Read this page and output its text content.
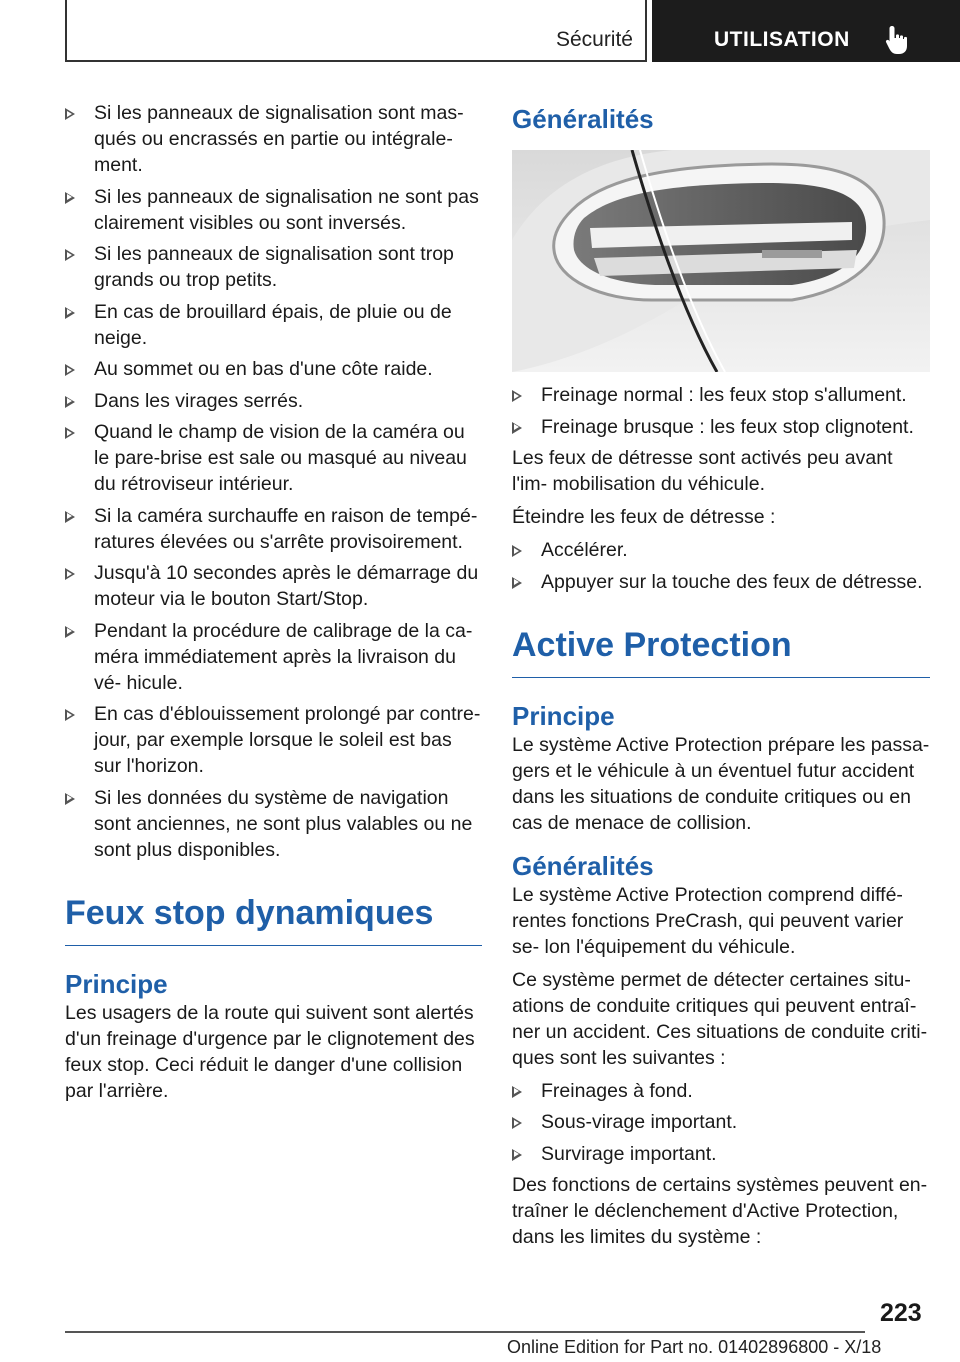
Sécurité	UTILISATION
Si les panneaux de signalisation sont mas‐ qués ou encrassés en partie ou intégrale‐ ment.
Si les panneaux de signalisation ne sont pas clairement visibles ou sont inversés.
Si les panneaux de signalisation sont trop grands ou trop petits.
En cas de brouillard épais, de pluie ou de neige.
Au sommet ou en bas d'une côte raide.
Dans les virages serrés.
Quand le champ de vision de la caméra ou le pare-brise est sale ou masqué au niveau du rétroviseur intérieur.
Si la caméra surchauffe en raison de tempé‐ ratures élevées ou s'arrête provisoirement.
Jusqu'à 10 secondes après le démarrage du moteur via le bouton Start/Stop.
Pendant la procédure de calibrage de la ca‐ méra immédiatement après la livraison du vé‐ hicule.
En cas d'éblouissement prolongé par contre- jour, par exemple lorsque le soleil est bas sur l'horizon.
Si les données du système de navigation sont anciennes, ne sont plus valables ou ne sont plus disponibles.
Feux stop dynamiques
Principe

Les usagers de la route qui suivent sont alertés d'un freinage d'urgence par le clignotement des feux stop. Ceci réduit le danger d'une collision par l'arrière.

Généralités
Freinage normal : les feux stop s'allument.
Freinage brusque : les feux stop clignotent.

Les feux de détresse sont activés peu avant l'im‐ mobilisation du véhicule.

Éteindre les feux de détresse :

Accélérer.
Appuyer sur la touche des feux de détresse.
Active Protection
Principe

Le système Active Protection prépare les passa‐ gers et le véhicule à un éventuel futur accident dans les situations de conduite critiques ou en cas de menace de collision.

Généralités

Le système Active Protection comprend diffé‐ rentes fonctions PreCrash, qui peuvent varier se‐ lon l'équipement du véhicule.

Ce système permet de détecter certaines situ‐ ations de conduite critiques qui peuvent entraî‐ ner un accident. Ces situations de conduite criti‐ ques sont les suivantes :

Freinages à fond.
Sous-virage important.
Survirage important.

Des fonctions de certains systèmes peuvent en‐ traîner le déclenchement d'Active Protection, dans les limites du système :

223
Online Edition for Part no. 01402896800 - X/18
